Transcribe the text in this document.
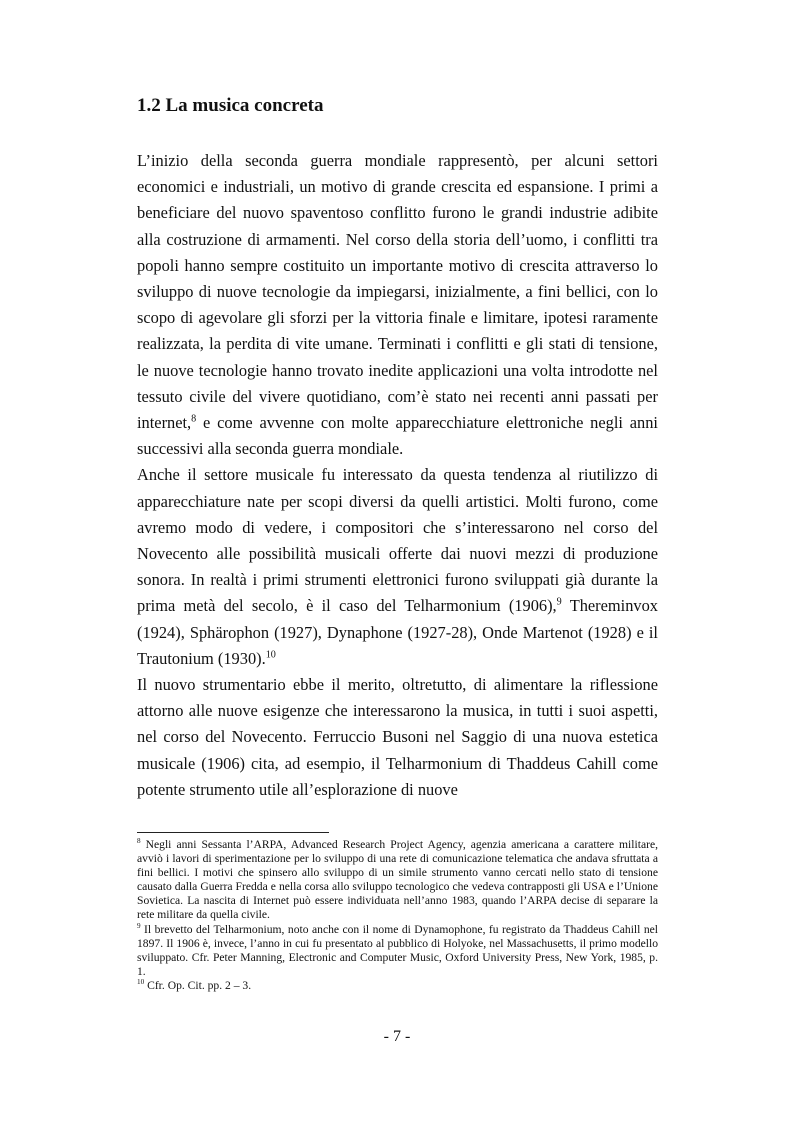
1.2 La musica concreta

L’inizio della seconda guerra mondiale rappresentò, per alcuni settori economici e industriali, un motivo di grande crescita ed espansione. I primi a beneficiare del nuovo spaventoso conflitto furono le grandi industrie adibite alla costruzione di armamenti. Nel corso della storia dell’uomo, i conflitti tra popoli hanno sempre costituito un importante motivo di crescita attraverso lo sviluppo di nuove tecnologie da impiegarsi, inizialmente, a fini bellici, con lo scopo di agevolare gli sforzi per la vittoria finale e limitare, ipotesi raramente realizzata, la perdita di vite umane. Terminati i conflitti e gli stati di tensione, le nuove tecnologie hanno trovato inedite applicazioni una volta introdotte nel tessuto civile del vivere quotidiano, com’è stato nei recenti anni passati per internet,$^8$ e come avvenne con molte apparecchiature elettroniche negli anni successivi alla seconda guerra mondiale.

Anche il settore musicale fu interessato da questa tendenza al riutilizzo di apparecchiature nate per scopi diversi da quelli artistici. Molti furono, come avremo modo di vedere, i compositori che s’interessarono nel corso del Novecento alle possibilità musicali offerte dai nuovi mezzi di produzione sonora. In realtà i primi strumenti elettronici furono sviluppati già durante la prima metà del secolo, è il caso del Telharmonium (1906),$^9$ Thereminvox (1924), Sphärophon (1927), Dynaphone (1927-28), Onde Martenot (1928) e il Trautonium (1930).$^{10}$

Il nuovo strumentario ebbe il merito, oltretutto, di alimentare la riflessione attorno alle nuove esigenze che interessarono la musica, in tutti i suoi aspetti, nel corso del Novecento. Ferruccio Busoni nel Saggio di una nuova estetica musicale (1906) cita, ad esempio, il Telharmonium di Thaddeus Cahill come potente strumento utile all’esplorazione di nuove

$^8$ Negli anni Sessanta l’ARPA, Advanced Research Project Agency, agenzia americana a carattere militare, avviò i lavori di sperimentazione per lo sviluppo di una rete di comunicazione telematica che andava sfruttata a fini bellici. I motivi che spinsero allo sviluppo di un simile strumento vanno cercati nello stato di tensione causato dalla Guerra Fredda e nella corsa allo sviluppo tecnologico che vedeva contrapposti gli USA e l’Unione Sovietica. La nascita di Internet può essere individuata nell’anno 1983, quando l’ARPA decise di separare la rete militare da quella civile.

$^9$ Il brevetto del Telharmonium, noto anche con il nome di Dynamophone, fu registrato da Thaddeus Cahill nel 1897. Il 1906 è, invece, l’anno in cui fu presentato al pubblico di Holyoke, nel Massachusetts, il primo modello sviluppato. Cfr. Peter Manning, Electronic and Computer Music, Oxford University Press, New York, 1985, p. 1.

$^{10}$ Cfr. Op. Cit. pp. 2 – 3.

- 7 -
